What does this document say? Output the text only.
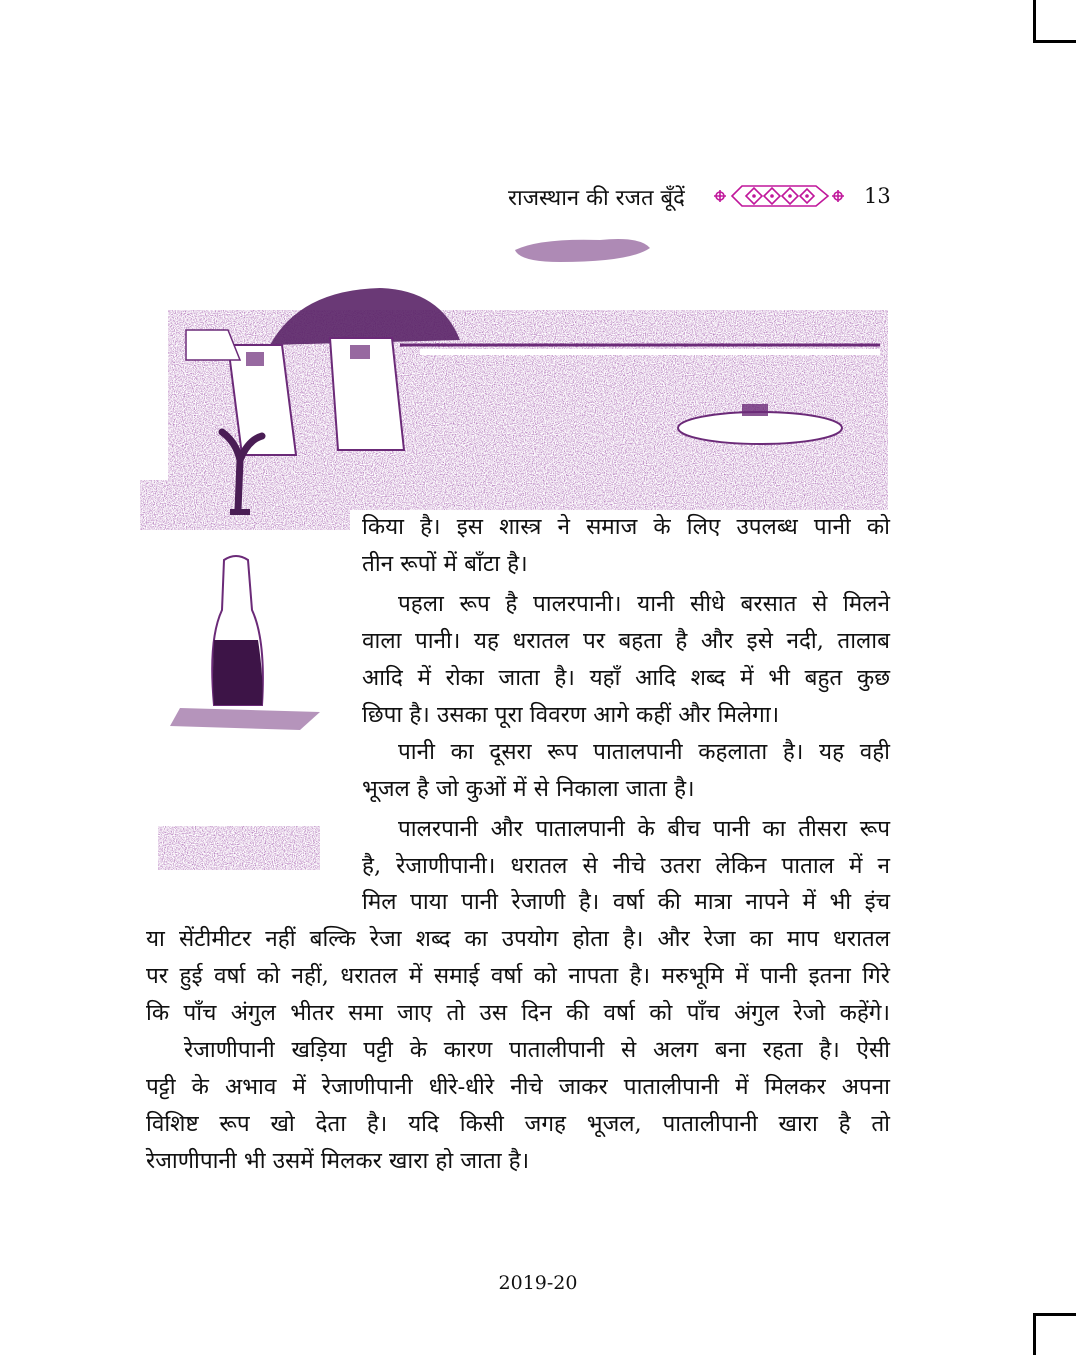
राजस्थान की रजत बूँदें	13
किया है। इस शास्त्र ने समाज के लिए उपलब्ध पानी को
तीन रूपों में बाँटा है।
पहला रूप है पालरपानी। यानी सीधे बरसात से मिलने
वाला पानी। यह धरातल पर बहता है और इसे नदी, तालाब
आदि में रोका जाता है। यहाँ आदि शब्द में भी बहुत कुछ
छिपा है। उसका पूरा विवरण आगे कहीं और मिलेगा।
पानी का दूसरा रूप पातालपानी कहलाता है। यह वही
भूजल है जो कुओं में से निकाला जाता है।
पालरपानी और पातालपानी के बीच पानी का तीसरा रूप
है, रेजाणीपानी। धरातल से नीचे उतरा लेकिन पाताल में न
मिल पाया पानी रेजाणी है। वर्षा की मात्रा नापने में भी इंच
या सेंटीमीटर नहीं बल्कि रेजा शब्द का उपयोग होता है। और रेजा का माप धरातल
पर हुई वर्षा को नहीं, धरातल में समाई वर्षा को नापता है। मरुभूमि में पानी इतना गिरे
कि पाँच अंगुल भीतर समा जाए तो उस दिन की वर्षा को पाँच अंगुल रेजो कहेंगे।
रेजाणीपानी खड़िया पट्टी के कारण पातालीपानी से अलग बना रहता है। ऐसी
पट्टी के अभाव में रेजाणीपानी धीरे-धीरे नीचे जाकर पातालीपानी में मिलकर अपना
विशिष्ट रूप खो देता है। यदि किसी जगह भूजल, पातालीपानी खारा है तो
रेजाणीपानी भी उसमें मिलकर खारा हो जाता है।
2019-20
